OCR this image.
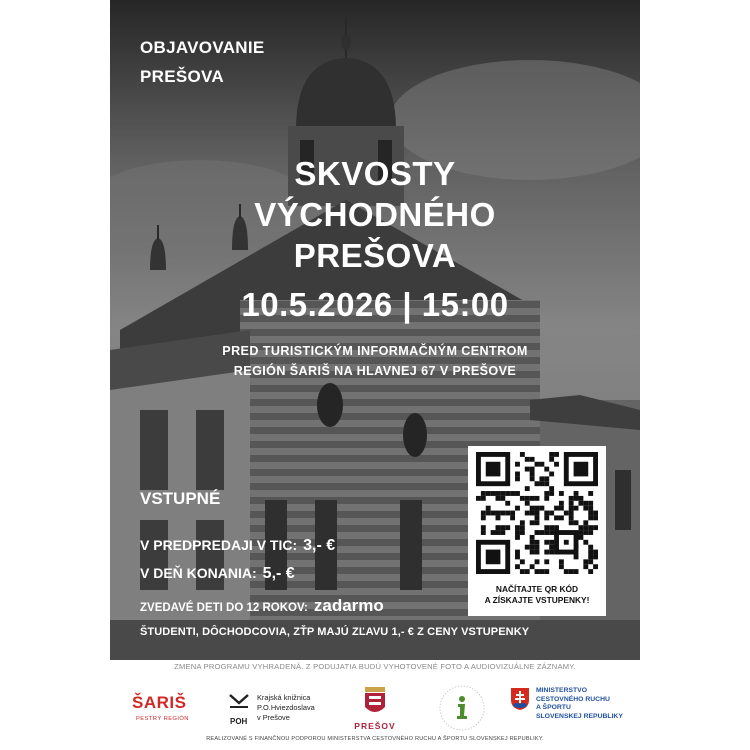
OBJAVOVANIE
PREŠOVA
SKVOSTY
VÝCHODNÉHO
PREŠOVA
10.5.2026 | 15:00
PRED TURISTICKÝM INFORMAČNÝM CENTROM
REGIÓN ŠARIŠ NA HLAVNEJ 67 V PREŠOVE
VSTUPNÉ
V PREDPREDAJI V TIC: 3,- €
V DEŇ KONANIA: 5,- €
ZVEDAVÉ DETI DO 12 ROKOV: zadarmo
ŠTUDENTI, DÔCHODCOVIA, ZŤP MAJÚ ZĽAVU 1,- € Z CENY VSTUPENKY
NAČÍTAJTE QR KÓD
A ZÍSKAJTE VSTUPENKY!
ZMENA PROGRAMU VYHRADENÁ. Z PODUJATIA BUDÚ VYHOTOVENÉ FOTO A AUDIOVIZUÁLNE ZÁZNAMY.
ŠARIŠ
PESTRÝ REGIÓN
Krajská knižnica
P.O.Hviezdoslava
v Prešove
POH	PREŠOV
MINISTERSTVO
CESTOVNÉHO RUCHU
A ŠPORTU
SLOVENSKEJ REPUBLIKY
REALIZOVANÉ S FINANČNOU PODPOROU MINISTERSTVA CESTOVNÉHO RUCHU A ŠPORTU SLOVENSKEJ REPUBLIKY.
